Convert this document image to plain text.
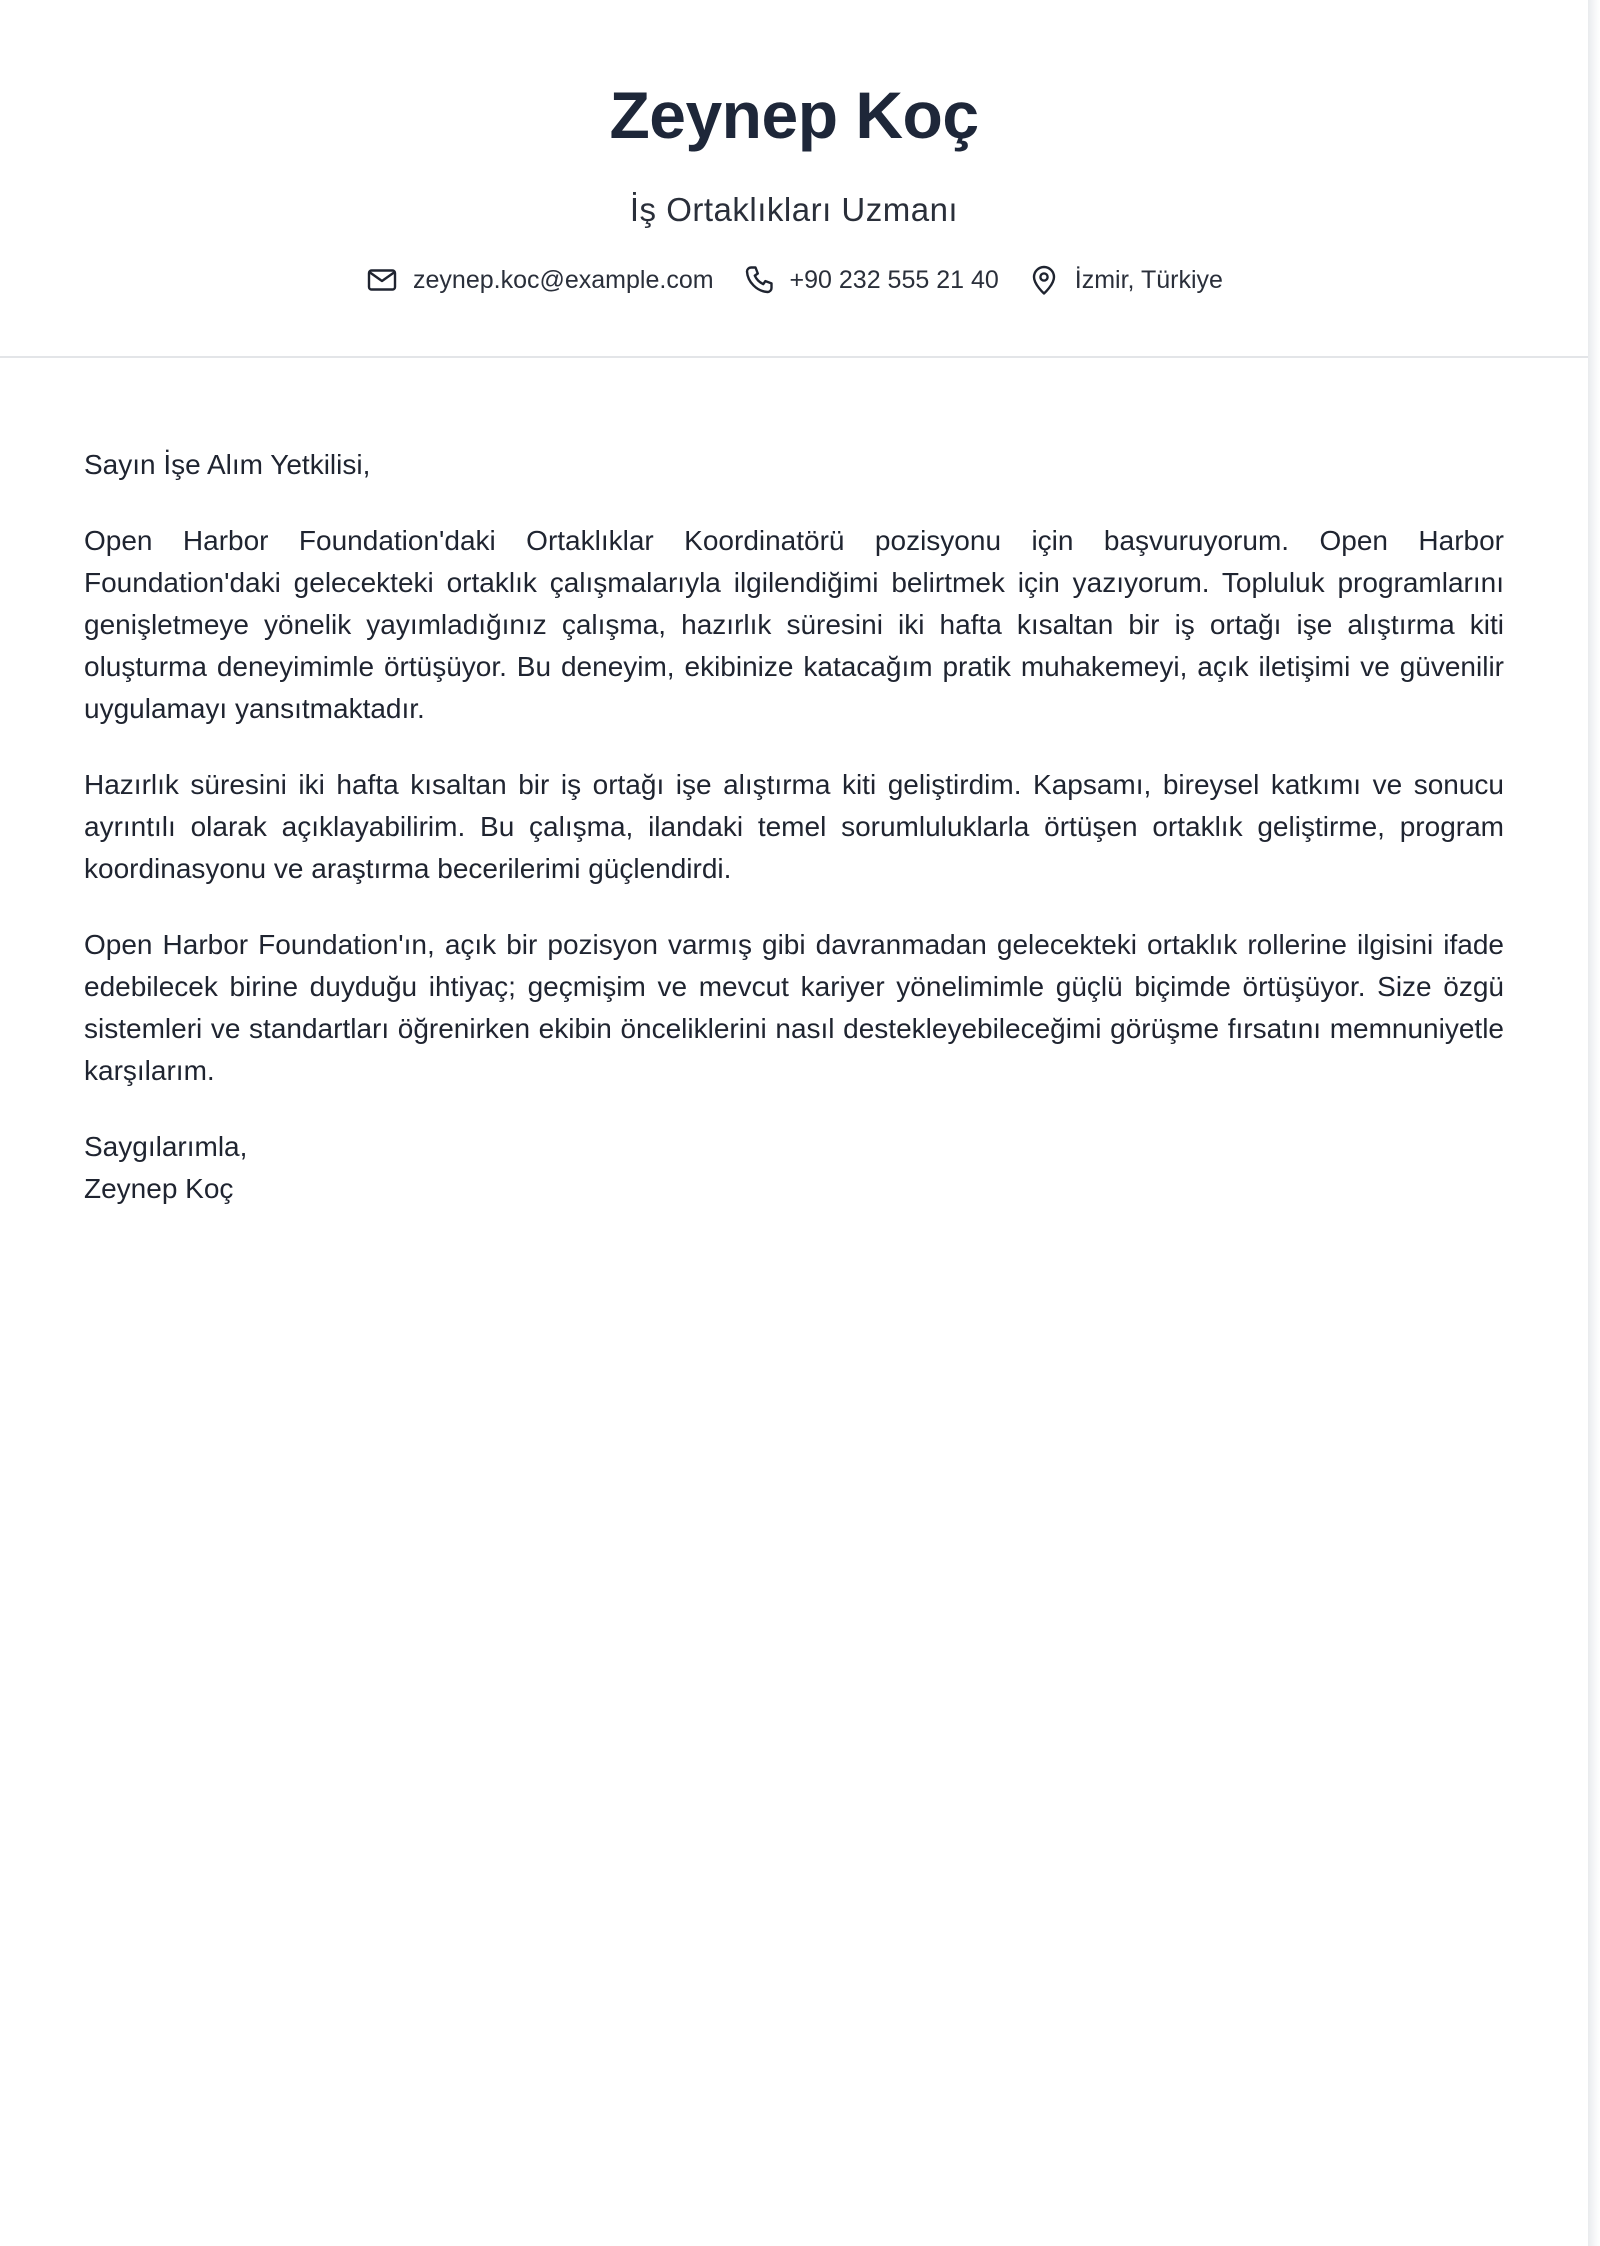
Zeynep Koç
İş Ortaklıkları Uzmanı
zeynep.koc@example.com	+90 232 555 21 40	İzmir, Türkiye
Sayın İşe Alım Yetkilisi,

Open Harbor Foundation'daki Ortaklıklar Koordinatörü pozisyonu için başvuruyorum. Open Harbor Foundation'daki gelecekteki ortaklık çalışmalarıyla ilgilendiğimi belirtmek için yazıyorum. Topluluk programlarını genişletmeye yönelik yayımladığınız çalışma, hazırlık süresini iki hafta kısaltan bir iş ortağı işe alıştırma kiti oluşturma deneyimimle örtüşüyor. Bu deneyim, ekibinize katacağım pratik muhakemeyi, açık iletişimi ve güvenilir uygulamayı yansıtmaktadır.

Hazırlık süresini iki hafta kısaltan bir iş ortağı işe alıştırma kiti geliştirdim. Kapsamı, bireysel katkımı ve sonucu ayrıntılı olarak açıklayabilirim. Bu çalışma, ilandaki temel sorumluluklarla örtüşen ortaklık geliştirme, program koordinasyonu ve araştırma becerilerimi güçlendirdi.

Open Harbor Foundation'ın, açık bir pozisyon varmış gibi davranmadan gelecekteki ortaklık rollerine ilgisini ifade edebilecek birine duyduğu ihtiyaç; geçmişim ve mevcut kariyer yönelimimle güçlü biçimde örtüşüyor. Size özgü sistemleri ve standartları öğrenirken ekibin önceliklerini nasıl destekleyebileceğimi görüşme fırsatını memnuniyetle karşılarım.

Saygılarımla,
Zeynep Koç
